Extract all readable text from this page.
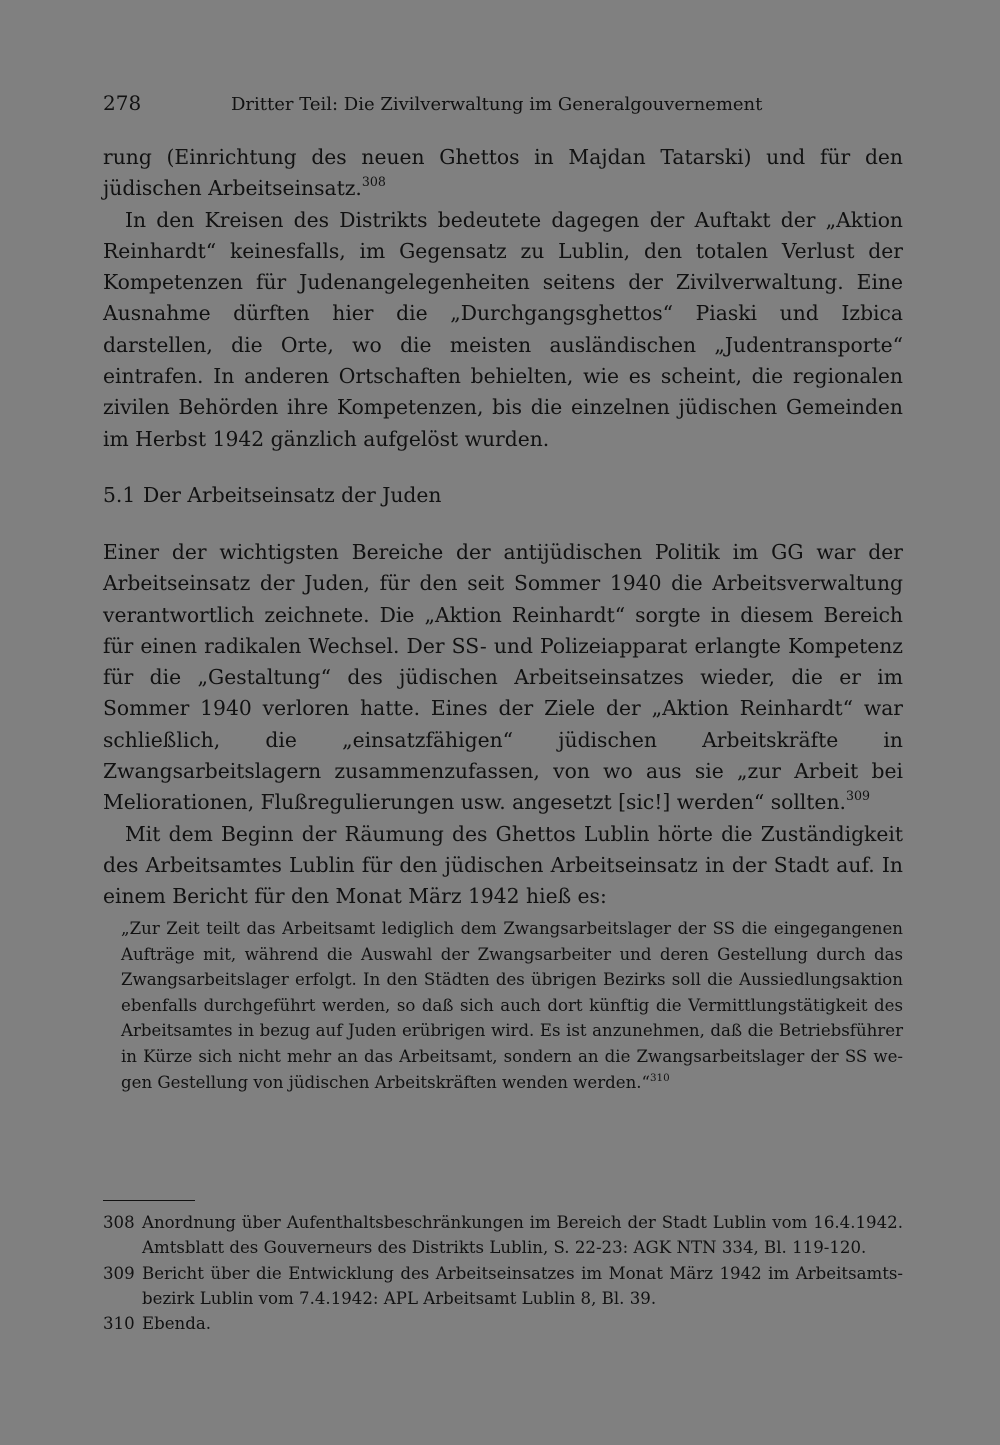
278	Dritter Teil: Die Zivilverwaltung im Generalgouvernement

rung (Einrichtung des neuen Ghettos in Majdan Tatarski) und für den jüdischen Arbeitseinsatz.$^{308}$

In den Kreisen des Distrikts bedeutete dagegen der Auftakt der „Aktion Reinhardt“ keinesfalls, im Gegensatz zu Lublin, den totalen Verlust der Kompetenzen für Judenangelegenheiten seitens der Zivilverwaltung. Eine Ausnahme dürften hier die „Durchgangsghettos“ Piaski und Izbica darstellen, die Orte, wo die meisten ausländischen „Judentransporte“ eintrafen. In anderen Ortschaften behielten, wie es scheint, die regionalen zivilen Behörden ihre Kompetenzen, bis die einzelnen jüdischen Gemeinden im Herbst 1942 gänzlich aufgelöst wurden.

5.1 Der Arbeitseinsatz der Juden

Einer der wichtigsten Bereiche der antijüdischen Politik im GG war der Arbeitseinsatz der Juden, für den seit Sommer 1940 die Arbeitsverwaltung verantwortlich zeichnete. Die „Aktion Reinhardt“ sorgte in diesem Bereich für einen radikalen Wechsel. Der SS- und Polizeiapparat erlangte Kompetenz für die „Gestaltung“ des jüdischen Arbeitseinsatzes wieder, die er im Sommer 1940 verloren hatte. Eines der Ziele der „Aktion Reinhardt“ war schließlich, die „einsatzfähigen“ jüdischen Arbeitskräfte in Zwangsarbeitslagern zusammenzufassen, von wo aus sie „zur Arbeit bei Meliorationen, Flußregulierungen usw. angesetzt [sic!] werden“ sollten.$^{309}$

Mit dem Beginn der Räumung des Ghettos Lublin hörte die Zuständigkeit des Arbeitsamtes Lublin für den jüdischen Arbeitseinsatz in der Stadt auf. In einem Bericht für den Monat März 1942 hieß es:

„Zur Zeit teilt das Arbeitsamt lediglich dem Zwangsarbeitslager der SS die eingegangenen Aufträge mit, während die Auswahl der Zwangsarbeiter und deren Gestellung durch das Zwangsarbeitslager erfolgt. In den Städten des übrigen Bezirks soll die Aussiedlungsaktion ebenfalls durchgeführt werden, so daß sich auch dort künftig die Vermittlungstätigkeit des Arbeitsamtes in bezug auf Juden erübrigen wird. Es ist anzunehmen, daß die Betriebsführer in Kürze sich nicht mehr an das Arbeitsamt, sondern an die Zwangsarbeitslager der SS wegen Gestellung von jüdischen Arbeitskräften wenden werden.“$^{310}$

308 Anordnung über Aufenthaltsbeschränkungen im Bereich der Stadt Lublin vom 16.4.1942. Amtsblatt des Gouverneurs des Distrikts Lublin, S. 22-23: AGK NTN 334, Bl. 119-120.
309 Bericht über die Entwicklung des Arbeitseinsatzes im Monat März 1942 im Arbeitsamtsbezirk Lublin vom 7.4.1942: APL Arbeitsamt Lublin 8, Bl. 39.
310 Ebenda.
